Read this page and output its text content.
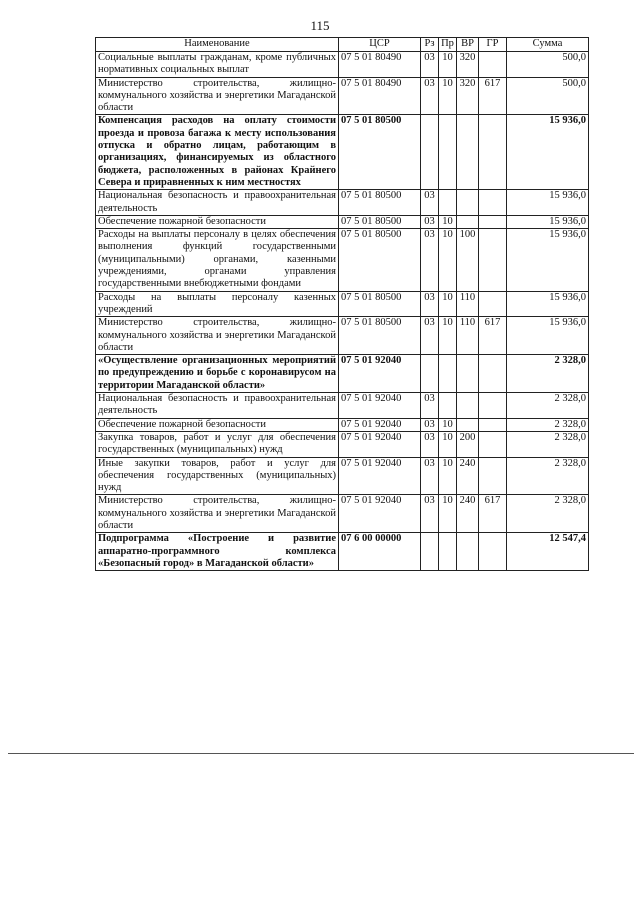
115
Наименование	ЦСР	Рз	Пр	ВР	ГР	Сумма
Социальные выплаты гражданам, кроме публичных нормативных социальных выплат	07 5 01 80490	03	10	320		500,0
Министерство строительства, жилищно-коммунального хозяйства и энергетики Магаданской области	07 5 01 80490	03	10	320	617	500,0
Компенсация расходов на оплату стоимости проезда и провоза багажа к месту использования отпуска и обратно лицам, работающим в организациях, финансируемых из областного бюджета, расположенных в районах Крайнего Севера и приравненных к ним местностях	07 5 01 80500					15 936,0
Национальная безопасность и правоохранительная деятельность	07 5 01 80500	03				15 936,0
Обеспечение пожарной безопасности	07 5 01 80500	03	10			15 936,0
Расходы на выплаты персоналу в целях обеспечения выполнения функций государственными (муниципальными) органами, казенными учреждениями, органами управления государственными внебюджетными фондами	07 5 01 80500	03	10	100		15 936,0
Расходы на выплаты персоналу казенных учреждений	07 5 01 80500	03	10	110		15 936,0
Министерство строительства, жилищно-коммунального хозяйства и энергетики Магаданской области	07 5 01 80500	03	10	110	617	15 936,0
«Осуществление организационных мероприятий по предупреждению и борьбе с коронавирусом на территории Магаданской области»	07 5 01 92040					2 328,0
Национальная безопасность и правоохранительная деятельность	07 5 01 92040	03				2 328,0
Обеспечение пожарной безопасности	07 5 01 92040	03	10			2 328,0
Закупка товаров, работ и услуг для обеспечения государственных (муниципальных) нужд	07 5 01 92040	03	10	200		2 328,0
Иные закупки товаров, работ и услуг для обеспечения государственных (муниципальных) нужд	07 5 01 92040	03	10	240		2 328,0
Министерство строительства, жилищно-коммунального хозяйства и энергетики Магаданской области	07 5 01 92040	03	10	240	617	2 328,0
Подпрограмма «Построение и развитие аппаратно-программного комплекса «Безопасный город» в Магаданской области»	07 6 00 00000					12 547,4
